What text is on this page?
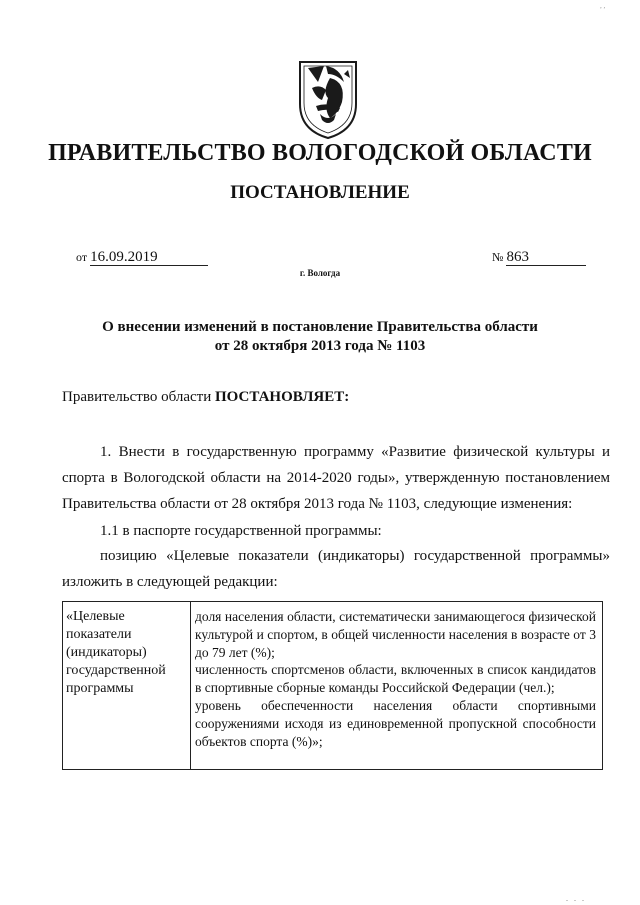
, ,
ПРАВИТЕЛЬСТВО ВОЛОГОДСКОЙ ОБЛАСТИ
ПОСТАНОВЛЕНИЕ
от 16.09.2019	№ 863
г. Вологда
О внесении изменений в постановление Правительства области
от 28 октября 2013 года № 1103
Правительство области ПОСТАНОВЛЯЕТ:
1. Внести в государственную программу «Развитие физической культуры и
спорта в Вологодской области на 2014-2020 годы», утвержденную постановлением Правительства области от 28 октября 2013 года № 1103, следующие изменения:
1.1 в паспорте государственной программы:
позицию «Целевые показатели (индикаторы) государственной программы»
изложить в следующей редакции:
«Целевые показатели (индикаторы) государственной программы
доля населения области, систематически занимающегося физической культурой и спортом, в общей численности населения в возрасте от 3 до 79 лет (%);
численность спортсменов области, включенных в список кандидатов в спортивные сборные команды Российской Федерации (чел.);
уровень обеспеченности населения области спортивными сооружениями исходя из единовременной пропускной способности объектов спорта (%)»;
. . .
